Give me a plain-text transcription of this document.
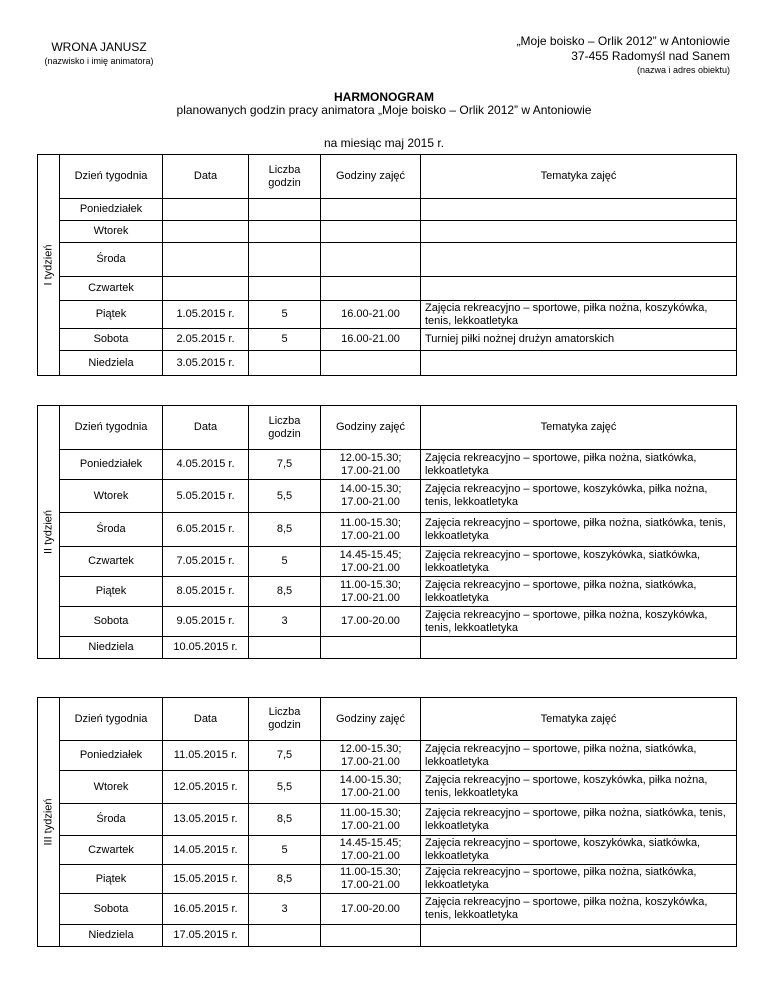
WRONA JANUSZ
(nazwisko i imię animatora)
„Moje boisko – Orlik 2012” w Antoniowie
37-455 Radomyśl nad Sanem
(nazwa i adres obiektu)
HARMONOGRAM
planowanych godzin pracy animatora „Moje boisko – Orlik 2012” w Antoniowie
na miesiąc maj 2015 r.
I tydzień	Dzień tygodnia	Data	Liczba godzin	Godziny zajęć	Tematyka zajęć
	Poniedziałek				
	Wtorek				
	Środa				
	Czwartek				
	Piątek	1.05.2015 r.	5	16.00-21.00	Zajęcia rekreacyjno – sportowe, piłka nożna, koszykówka, tenis, lekkoatletyka
	Sobota	2.05.2015 r.	5	16.00-21.00	Turniej piłki nożnej drużyn amatorskich
	Niedziela	3.05.2015 r.			
II tydzień	Dzień tygodnia	Data	Liczba godzin	Godziny zajęć	Tematyka zajęć
	Poniedziałek	4.05.2015 r.	7,5	12.00-15.30; 17.00-21.00	Zajęcia rekreacyjno – sportowe, piłka nożna, siatkówka, lekkoatletyka
	Wtorek	5.05.2015 r.	5,5	14.00-15.30; 17.00-21.00	Zajęcia rekreacyjno – sportowe, koszykówka, piłka nożna, tenis, lekkoatletyka
	Środa	6.05.2015 r.	8,5	11.00-15.30; 17.00-21.00	Zajęcia rekreacyjno – sportowe, piłka nożna, siatkówka, tenis, lekkoatletyka
	Czwartek	7.05.2015 r.	5	14.45-15.45; 17.00-21.00	Zajęcia rekreacyjno – sportowe, koszykówka, siatkówka, lekkoatletyka
	Piątek	8.05.2015 r.	8,5	11.00-15.30; 17.00-21.00	Zajęcia rekreacyjno – sportowe, piłka nożna, siatkówka, lekkoatletyka
	Sobota	9.05.2015 r.	3	17.00-20.00	Zajęcia rekreacyjno – sportowe, piłka nożna, koszykówka, tenis, lekkoatletyka
	Niedziela	10.05.2015 r.			
III tydzień	Dzień tygodnia	Data	Liczba godzin	Godziny zajęć	Tematyka zajęć
	Poniedziałek	11.05.2015 r.	7,5	12.00-15.30; 17.00-21.00	Zajęcia rekreacyjno – sportowe, piłka nożna, siatkówka, lekkoatletyka
	Wtorek	12.05.2015 r.	5,5	14.00-15.30; 17.00-21.00	Zajęcia rekreacyjno – sportowe, koszykówka, piłka nożna, tenis, lekkoatletyka
	Środa	13.05.2015 r.	8,5	11.00-15.30; 17.00-21.00	Zajęcia rekreacyjno – sportowe, piłka nożna, siatkówka, tenis, lekkoatletyka
	Czwartek	14.05.2015 r.	5	14.45-15.45; 17.00-21.00	Zajęcia rekreacyjno – sportowe, koszykówka, siatkówka, lekkoatletyka
	Piątek	15.05.2015 r.	8,5	11.00-15.30; 17.00-21.00	Zajęcia rekreacyjno – sportowe, piłka nożna, siatkówka, lekkoatletyka
	Sobota	16.05.2015 r.	3	17.00-20.00	Zajęcia rekreacyjno – sportowe, piłka nożna, koszykówka, tenis, lekkoatletyka
	Niedziela	17.05.2015 r.			
